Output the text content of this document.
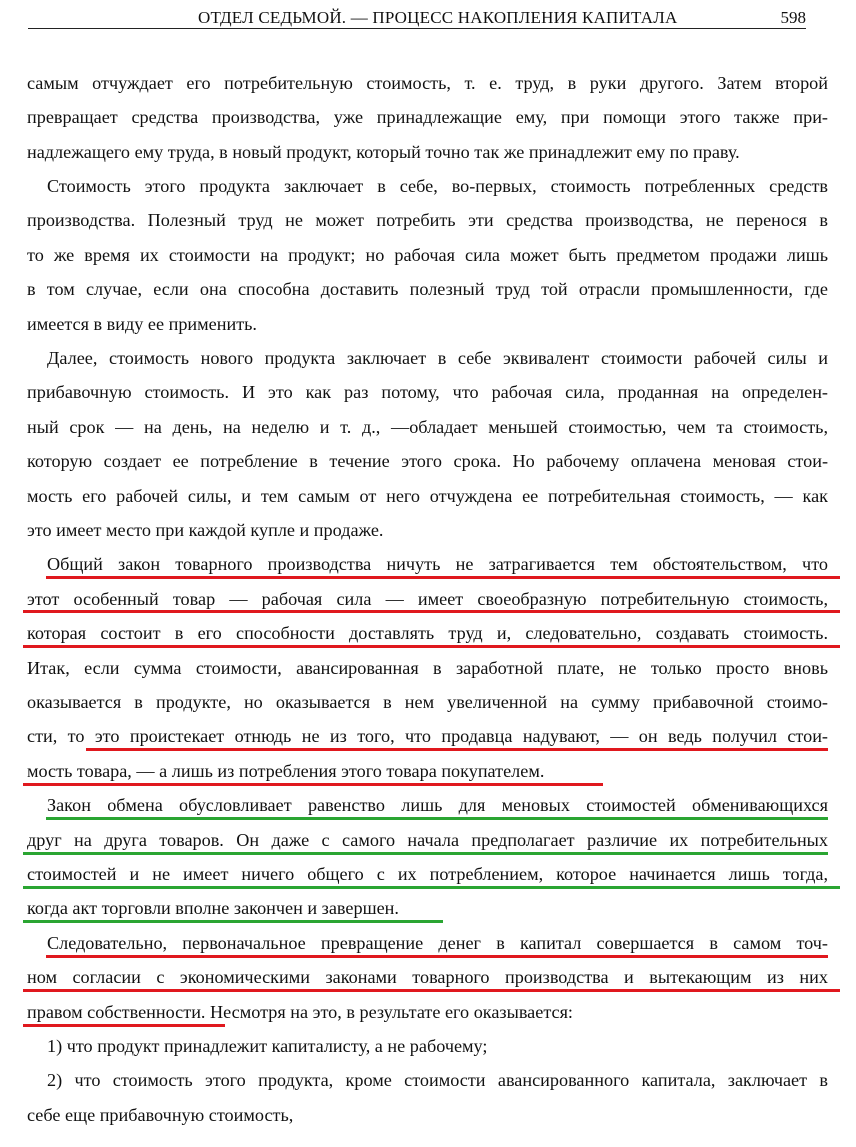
ОТДЕЛ СЕДЬМОЙ. — ПРОЦЕСС НАКОПЛЕНИЯ КАПИТАЛА	598
самым отчуждает его потребительную стоимость, т. е. труд, в руки другого. Затем второй
превращает средства производства, уже принадлежащие ему, при помощи этого также при-
надлежащего ему труда, в новый продукт, который точно так же принадлежит ему по праву.
Стоимость этого продукта заключает в себе, во-первых, стоимость потребленных средств
производства. Полезный труд не может потребить эти средства производства, не перенося в
то же время их стоимости на продукт; но рабочая сила может быть предметом продажи лишь
в том случае, если она способна доставить полезный труд той отрасли промышленности, где
имеется в виду ее применить.
Далее, стоимость нового продукта заключает в себе эквивалент стоимости рабочей силы и
прибавочную стоимость. И это как раз потому, что рабочая сила, проданная на определен-
ный срок — на день, на неделю и т. д., —обладает меньшей стоимостью, чем та стоимость,
которую создает ее потребление в течение этого срока. Но рабочему оплачена меновая стои-
мость его рабочей силы, и тем самым от него отчуждена ее потребительная стоимость, — как
это имеет место при каждой купле и продаже.
Общий закон товарного производства ничуть не затрагивается тем обстоятельством, что
этот особенный товар — рабочая сила — имеет своеобразную потребительную стоимость,
которая состоит в его способности доставлять труд и, следовательно, создавать стоимость.
Итак, если сумма стоимости, авансированная в заработной плате, не только просто вновь
оказывается в продукте, но оказывается в нем увеличенной на сумму прибавочной стоимо-
сти, то это проистекает отнюдь не из того, что продавца надувают, — он ведь получил стои-
мость товара, — а лишь из потребления этого товара покупателем.
Закон обмена обусловливает равенство лишь для меновых стоимостей обменивающихся
друг на друга товаров. Он даже с самого начала предполагает различие их потребительных
стоимостей и не имеет ничего общего с их потреблением, которое начинается лишь тогда,
когда акт торговли вполне закончен и завершен.
Следовательно, первоначальное превращение денег в капитал совершается в самом точ-
ном согласии с экономическими законами товарного производства и вытекающим из них
правом собственности. Несмотря на это, в результате его оказывается:
1) что продукт принадлежит капиталисту, а не рабочему;
2) что стоимость этого продукта, кроме стоимости авансированного капитала, заключает в
себе еще прибавочную стоимость,
